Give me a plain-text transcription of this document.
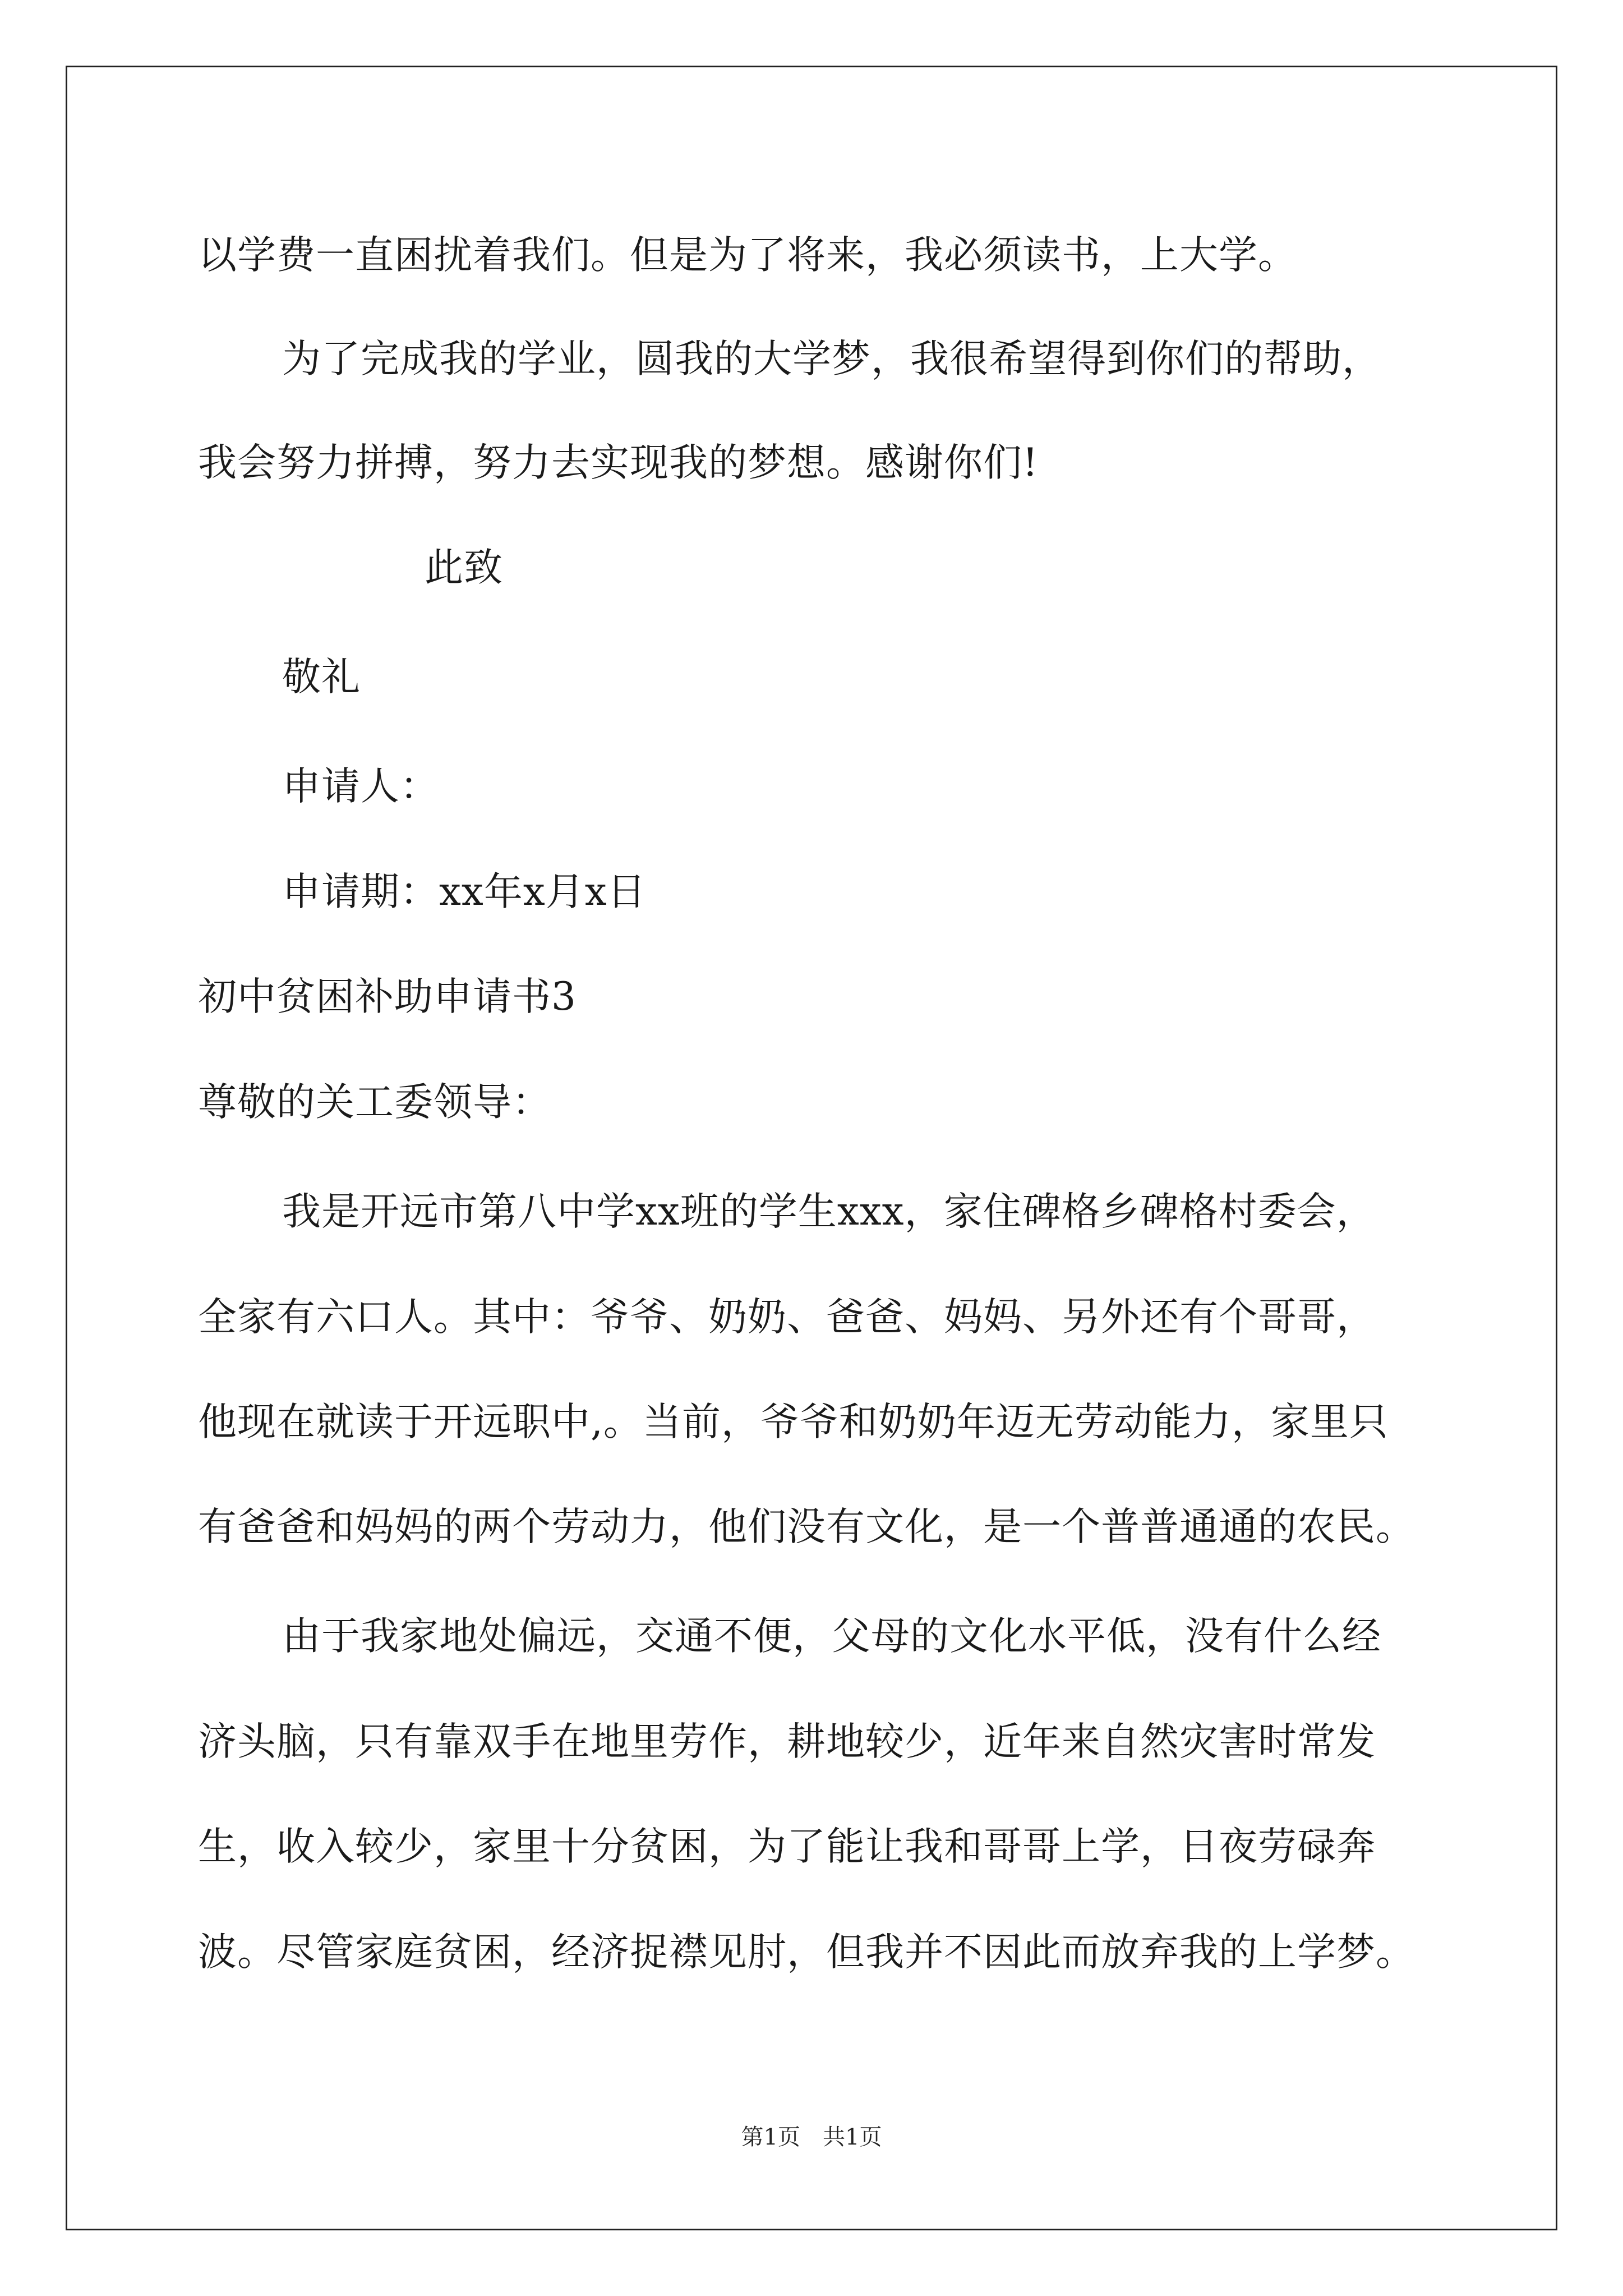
以学费一直困扰着我们。但是为了将来，我必须读书，上大学。
为了完成我的学业，圆我的大学梦，我很希望得到你们的帮助，
我会努力拼搏，努力去实现我的梦想。感谢你们!
此致
敬礼
申请人：
申请期：xx年x月x日
初中贫困补助申请书3
尊敬的关工委领导：
我是开远市第八中学xx班的学生xxx，家住碑格乡碑格村委会，
全家有六口人。其中：爷爷、奶奶、爸爸、妈妈、另外还有个哥哥，
他现在就读于开远职中,。当前，爷爷和奶奶年迈无劳动能力，家里只
有爸爸和妈妈的两个劳动力，他们没有文化，是一个普普通通的农民。
由于我家地处偏远，交通不便，父母的文化水平低，没有什么经
济头脑，只有靠双手在地里劳作，耕地较少，近年来自然灾害时常发
生，收入较少，家里十分贫困，为了能让我和哥哥上学，日夜劳碌奔
波。尽管家庭贫困，经济捉襟见肘，但我并不因此而放弃我的上学梦。
第1页　共1页
